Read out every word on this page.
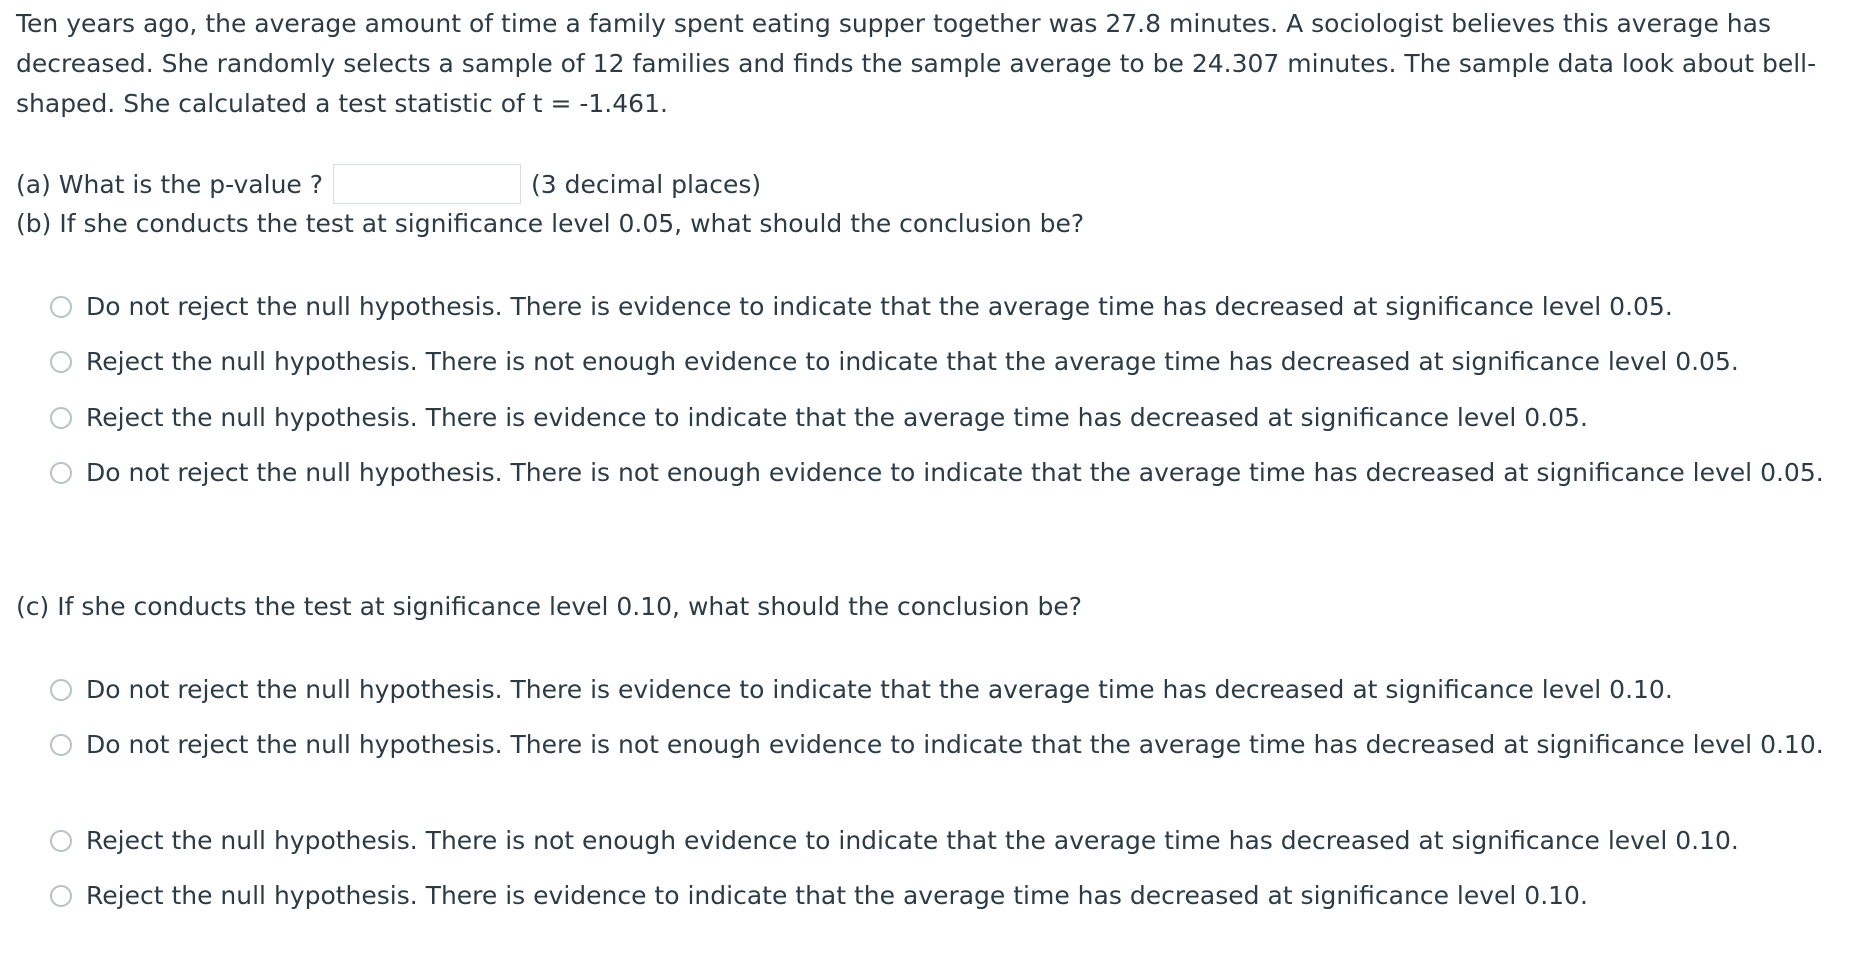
Ten years ago, the average amount of time a family spent eating supper together was 27.8 minutes. A sociologist believes this average has decreased. She randomly selects a sample of 12 families and finds the sample average to be 24.307 minutes. The sample data look about bell-shaped. She calculated a test statistic of t = -1.461.

(a) What is the p-value ?	(3 decimal places)
(b) If she conducts the test at significance level 0.05, what should the conclusion be?
Do not reject the null hypothesis. There is evidence to indicate that the average time has decreased at significance level 0.05.
Reject the null hypothesis. There is not enough evidence to indicate that the average time has decreased at significance level 0.05.
Reject the null hypothesis. There is evidence to indicate that the average time has decreased at significance level 0.05.
Do not reject the null hypothesis. There is not enough evidence to indicate that the average time has decreased at significance level 0.05.
(c) If she conducts the test at significance level 0.10, what should the conclusion be?
Do not reject the null hypothesis. There is evidence to indicate that the average time has decreased at significance level 0.10.
Do not reject the null hypothesis. There is not enough evidence to indicate that the average time has decreased at significance level 0.10.
Reject the null hypothesis. There is not enough evidence to indicate that the average time has decreased at significance level 0.10.
Reject the null hypothesis. There is evidence to indicate that the average time has decreased at significance level 0.10.
